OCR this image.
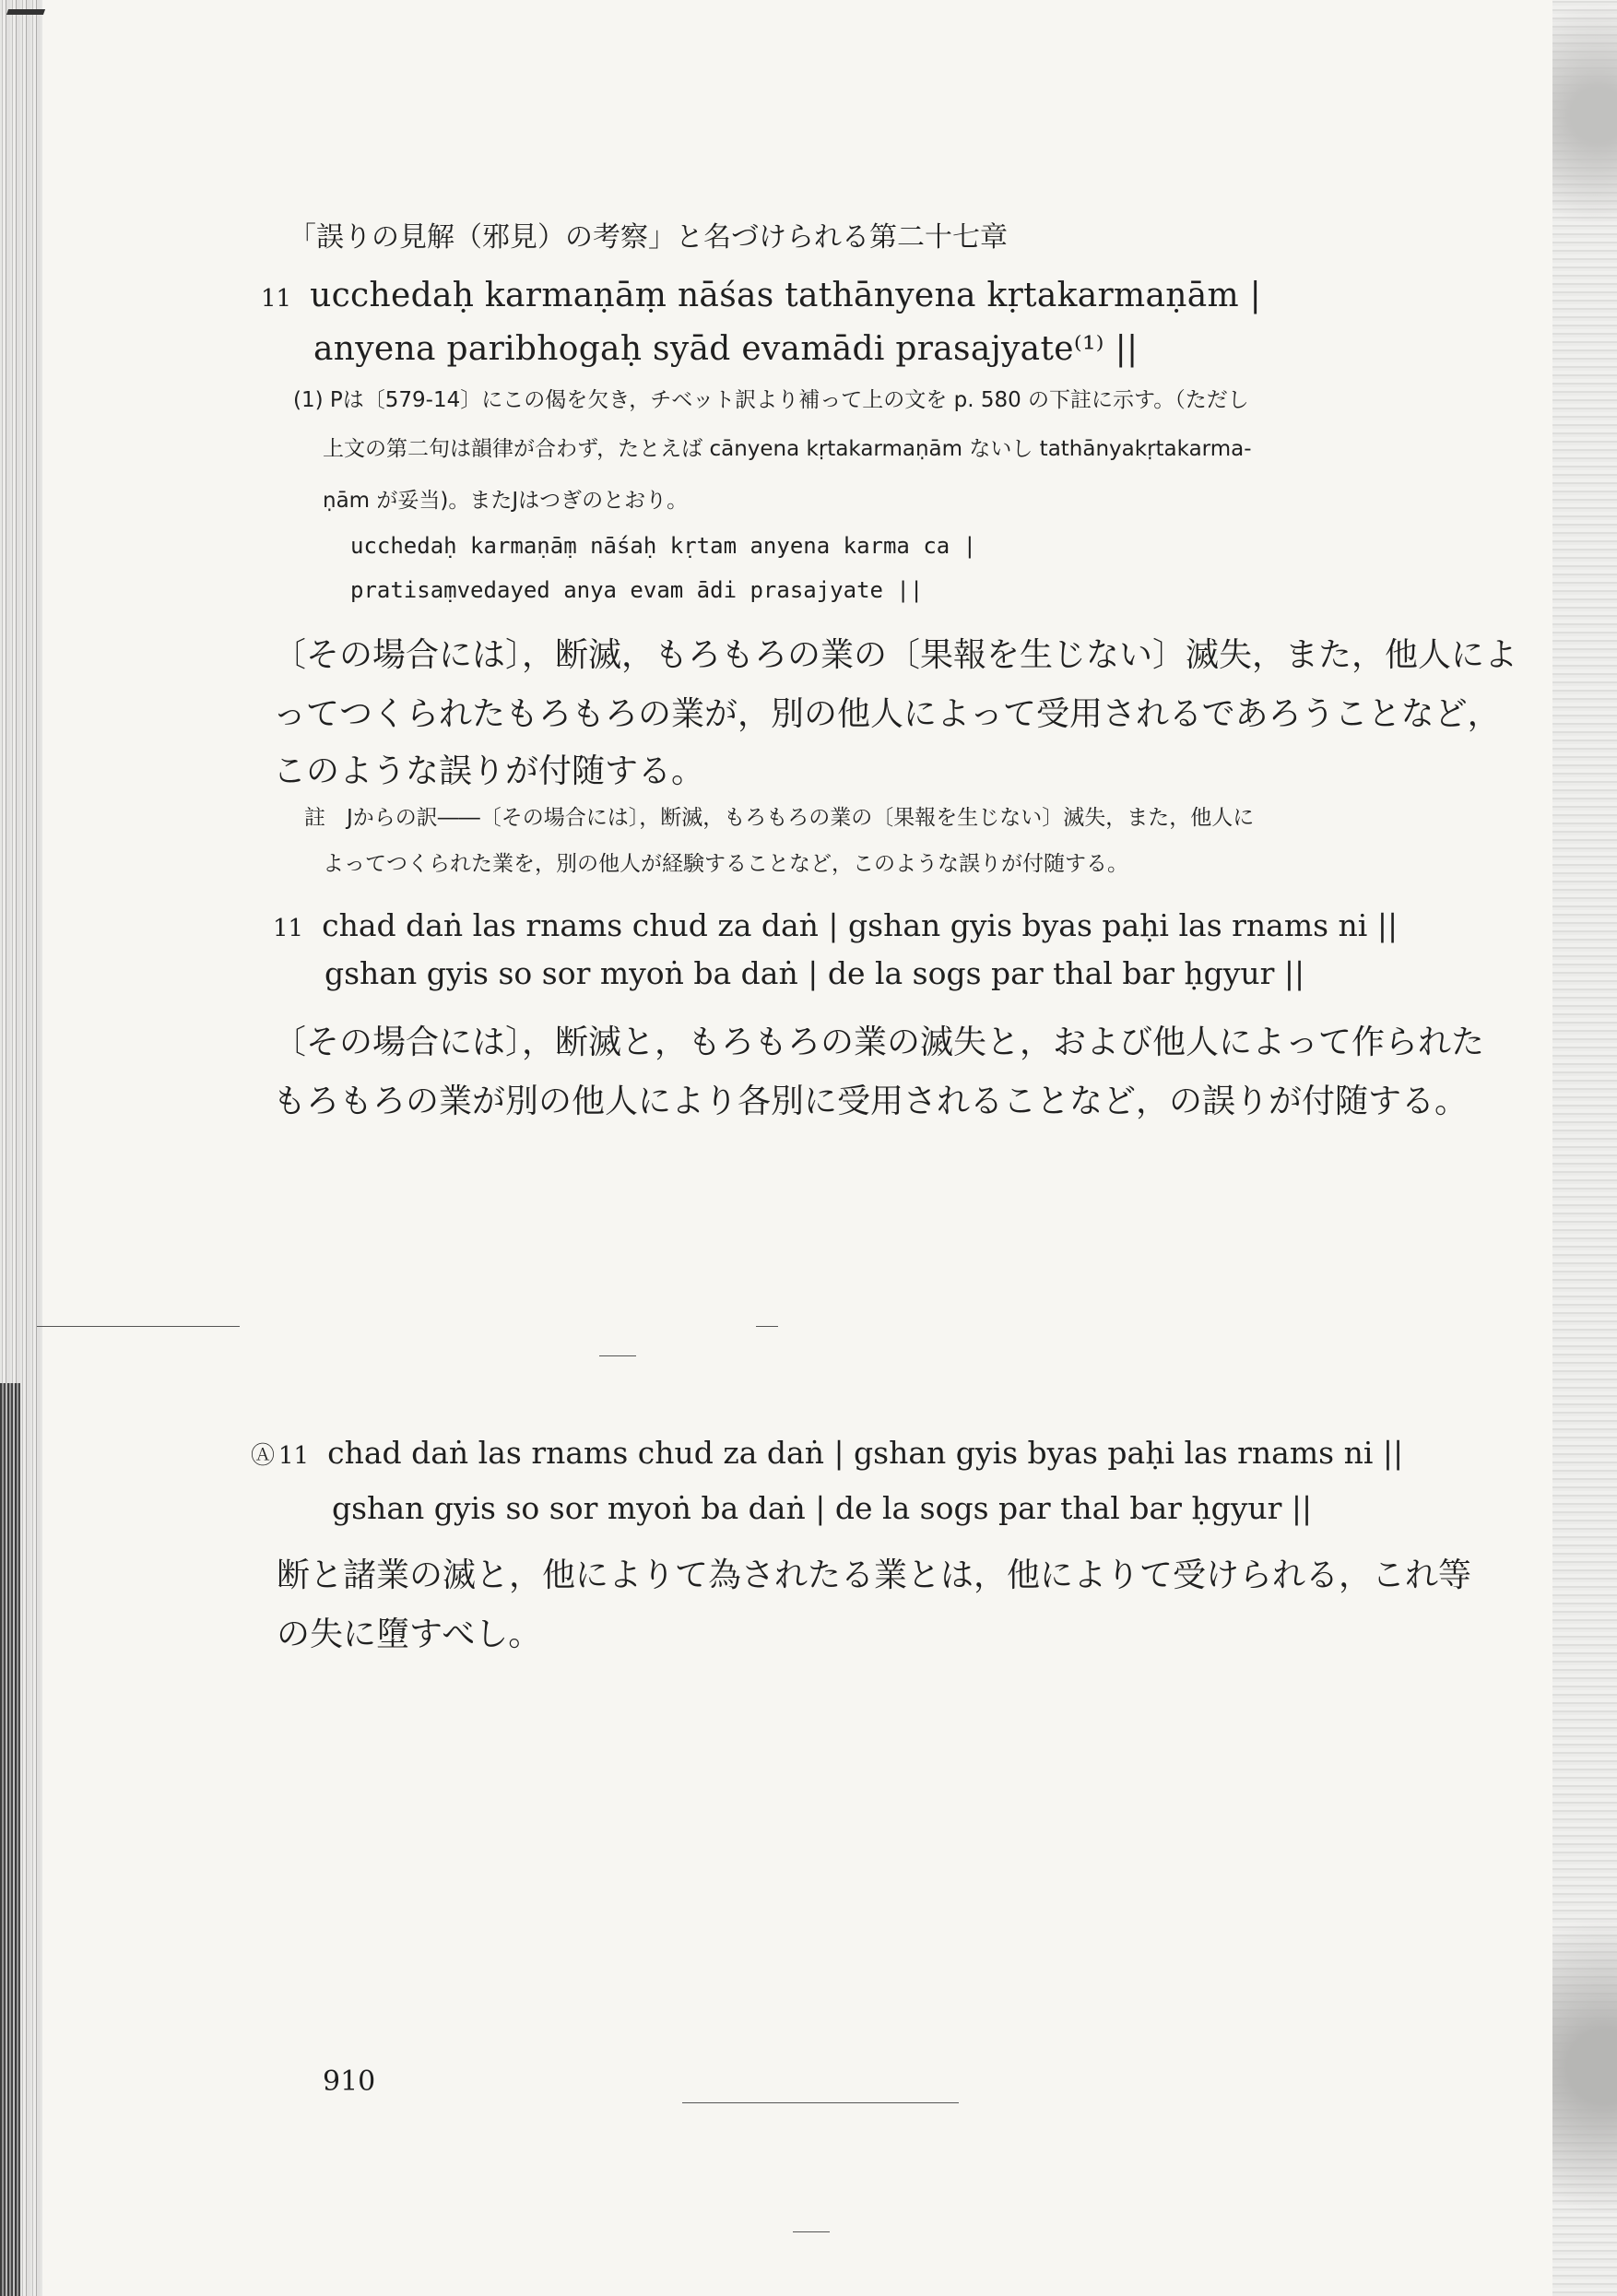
「誤りの見解（邪見）の考察」と名づけられる第二十七章
11 ucchedaḥ karmaṇāṃ nāśas tathānyena kṛtakarmaṇām |
anyena paribhogaḥ syād evamādi prasajyate⁽¹⁾ ||
(1) Pは〔579-14〕にこの偈を欠き，チベット訳より補って上の文を p. 580 の下註に示す。（ただし
上文の第二句は韻律が合わず，たとえば cānyena kṛtakarmaṇām ないし tathānyakṛtakarma-
ṇām が妥当)。またJはつぎのとおり。
ucchedaḥ karmaṇāṃ nāśaḥ kṛtam anyena karma ca |
pratisaṃvedayed anya evam ādi prasajyate ||
〔その場合には〕，断滅，もろもろの業の〔果報を生じない〕滅失，また，他人によ
ってつくられたもろもろの業が，別の他人によって受用されるであろうことなど，
このような誤りが付随する。
註　Jからの訳――〔その場合には〕，断滅，もろもろの業の〔果報を生じない〕滅失，また，他人に
よってつくられた業を，別の他人が経験することなど，このような誤りが付随する。
11 chad daṅ las rnams chud za daṅ | gshan gyis byas paḥi las rnams ni ||
gshan gyis so sor myoṅ ba daṅ | de la sogs par thal bar ḥgyur ||
〔その場合には〕，断滅と，もろもろの業の滅失と，および他人によって作られた
もろもろの業が別の他人により各別に受用されることなど，の誤りが付随する。
Ⓐ 11 chad daṅ las rnams chud za daṅ | gshan gyis byas paḥi las rnams ni ||
gshan gyis so sor myoṅ ba daṅ | de la sogs par thal bar ḥgyur ||
断と諸業の滅と，他によりて為されたる業とは，他によりて受けられる，これ等
の失に墮すべし。
910
